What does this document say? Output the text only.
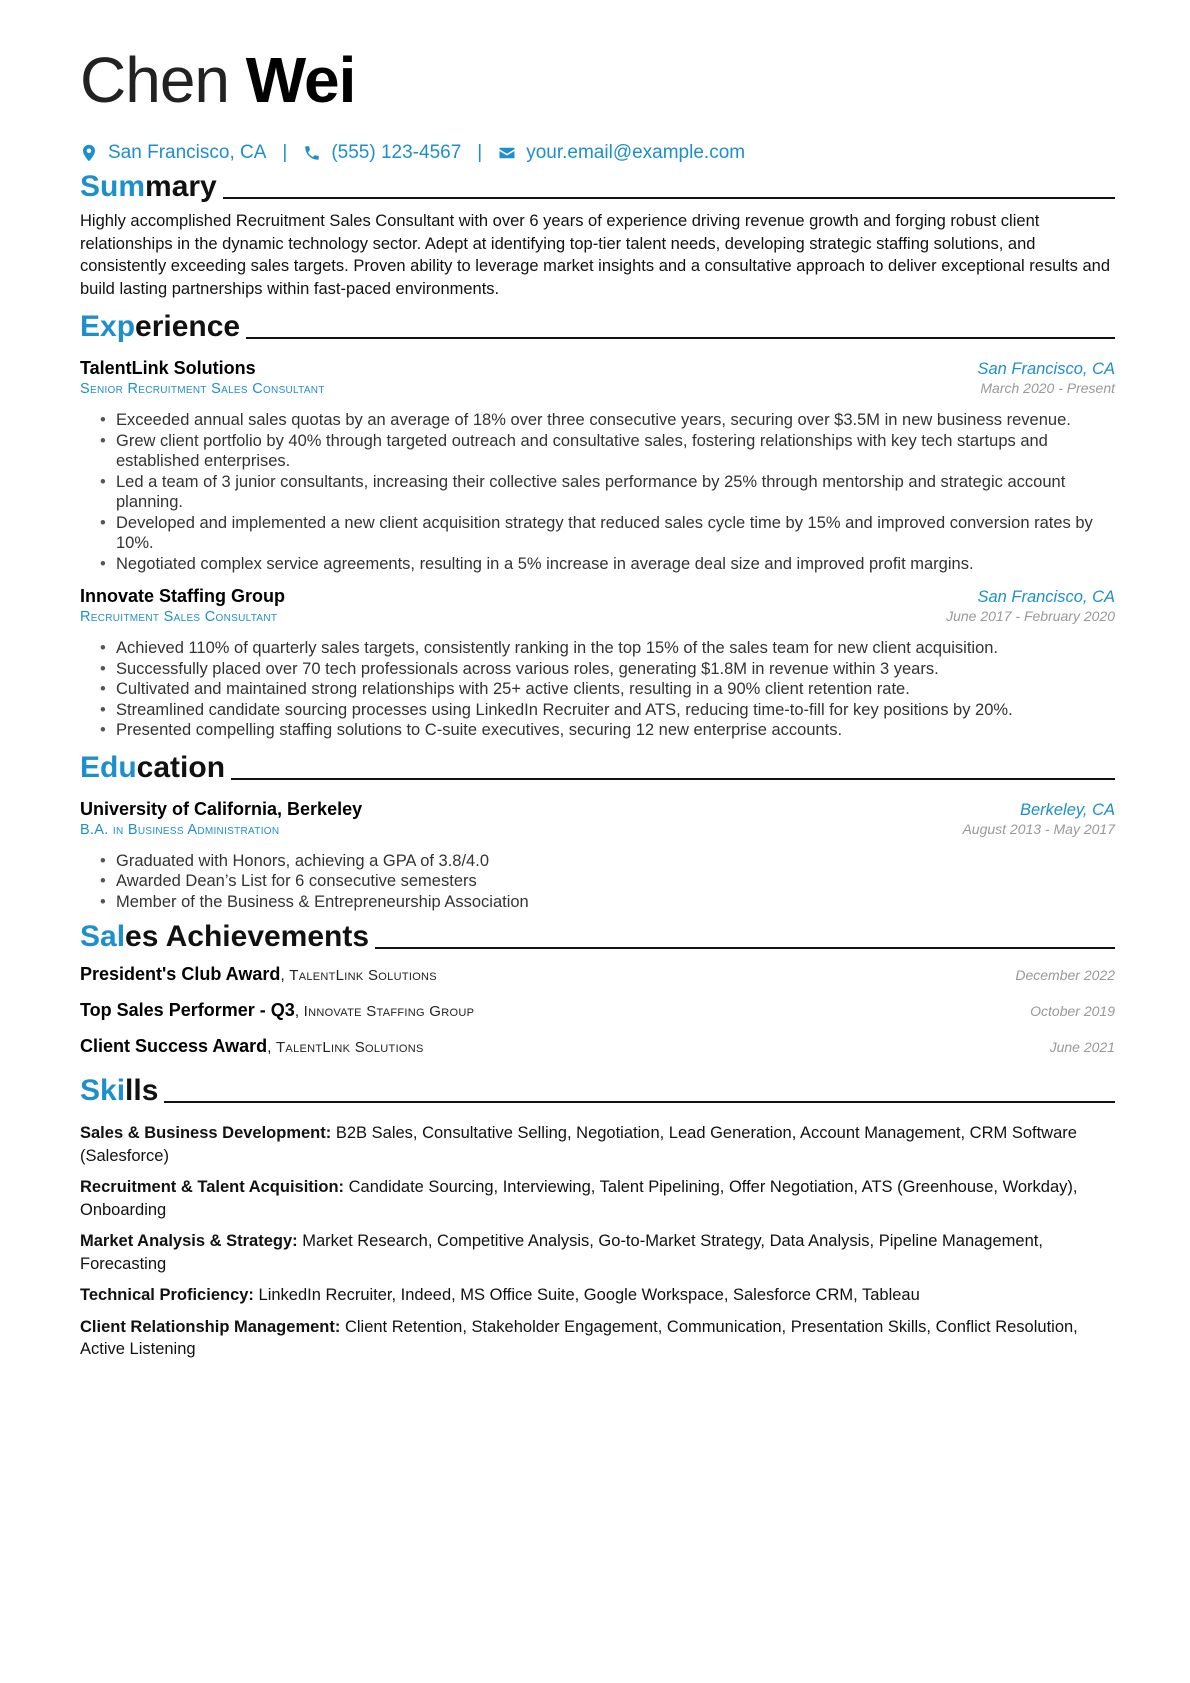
Chen Wei
San Francisco, CA | (555) 123-4567 | your.email@example.com
Summary

Highly accomplished Recruitment Sales Consultant with over 6 years of experience driving revenue growth and forging robust client relationships in the dynamic technology sector. Adept at identifying top-tier talent needs, developing strategic staffing solutions, and consistently exceeding sales targets. Proven ability to leverage market insights and a consultative approach to deliver exceptional results and build lasting partnerships within fast-paced environments.

Experience
TalentLink Solutions	San Francisco, CA
Senior Recruitment Sales Consultant	March 2020 - Present
• Exceeded annual sales quotas by an average of 18% over three consecutive years, securing over $3.5M in new business revenue.
• Grew client portfolio by 40% through targeted outreach and consultative sales, fostering relationships with key tech startups and established enterprises.
• Led a team of 3 junior consultants, increasing their collective sales performance by 25% through mentorship and strategic account planning.
• Developed and implemented a new client acquisition strategy that reduced sales cycle time by 15% and improved conversion rates by 10%.
• Negotiated complex service agreements, resulting in a 5% increase in average deal size and improved profit margins.
Innovate Staffing Group	San Francisco, CA
Recruitment Sales Consultant	June 2017 - February 2020
• Achieved 110% of quarterly sales targets, consistently ranking in the top 15% of the sales team for new client acquisition.
• Successfully placed over 70 tech professionals across various roles, generating $1.8M in revenue within 3 years.
• Cultivated and maintained strong relationships with 25+ active clients, resulting in a 90% client retention rate.
• Streamlined candidate sourcing processes using LinkedIn Recruiter and ATS, reducing time-to-fill for key positions by 20%.
• Presented compelling staffing solutions to C-suite executives, securing 12 new enterprise accounts.
Education
University of California, Berkeley	Berkeley, CA
B.A. in Business Administration	August 2013 - May 2017
• Graduated with Honors, achieving a GPA of 3.8/4.0
• Awarded Dean’s List for 6 consecutive semesters
• Member of the Business & Entrepreneurship Association
Sales Achievements
President's Club Award, TalentLink Solutions	December 2022
Top Sales Performer - Q3, Innovate Staffing Group	October 2019
Client Success Award, TalentLink Solutions	June 2021
Skills
Sales & Business Development: B2B Sales, Consultative Selling, Negotiation, Lead Generation, Account Management, CRM Software (Salesforce)
Recruitment & Talent Acquisition: Candidate Sourcing, Interviewing, Talent Pipelining, Offer Negotiation, ATS (Greenhouse, Workday), Onboarding
Market Analysis & Strategy: Market Research, Competitive Analysis, Go-to-Market Strategy, Data Analysis, Pipeline Management, Forecasting
Technical Proficiency: LinkedIn Recruiter, Indeed, MS Office Suite, Google Workspace, Salesforce CRM, Tableau
Client Relationship Management: Client Retention, Stakeholder Engagement, Communication, Presentation Skills, Conflict Resolution, Active Listening
